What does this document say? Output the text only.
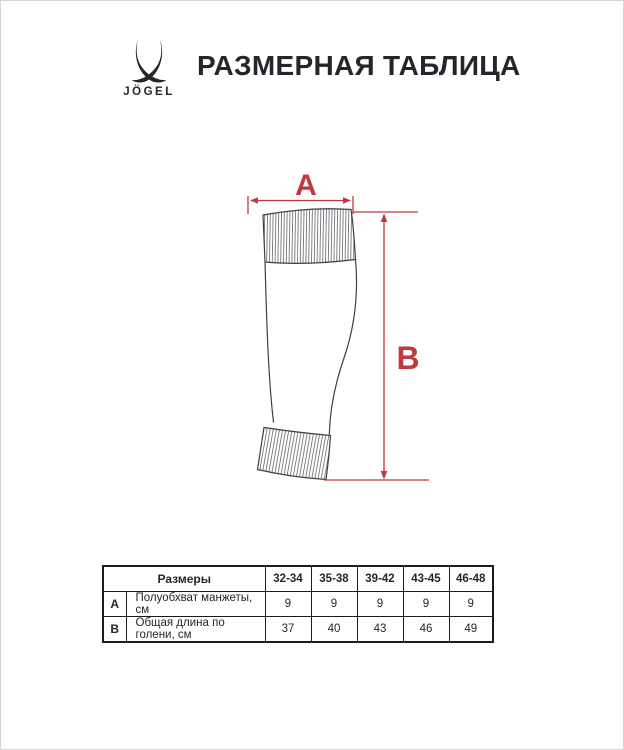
JÖGEL
РАЗМЕРНАЯ ТАБЛИЦА
A
B
Размеры		32-34	35-38	39-42	43-45	46-48
A	Полуобхват манжеты, см	9	9	9	9	9
B	Общая длина по голени, см	37	40	43	46	49
